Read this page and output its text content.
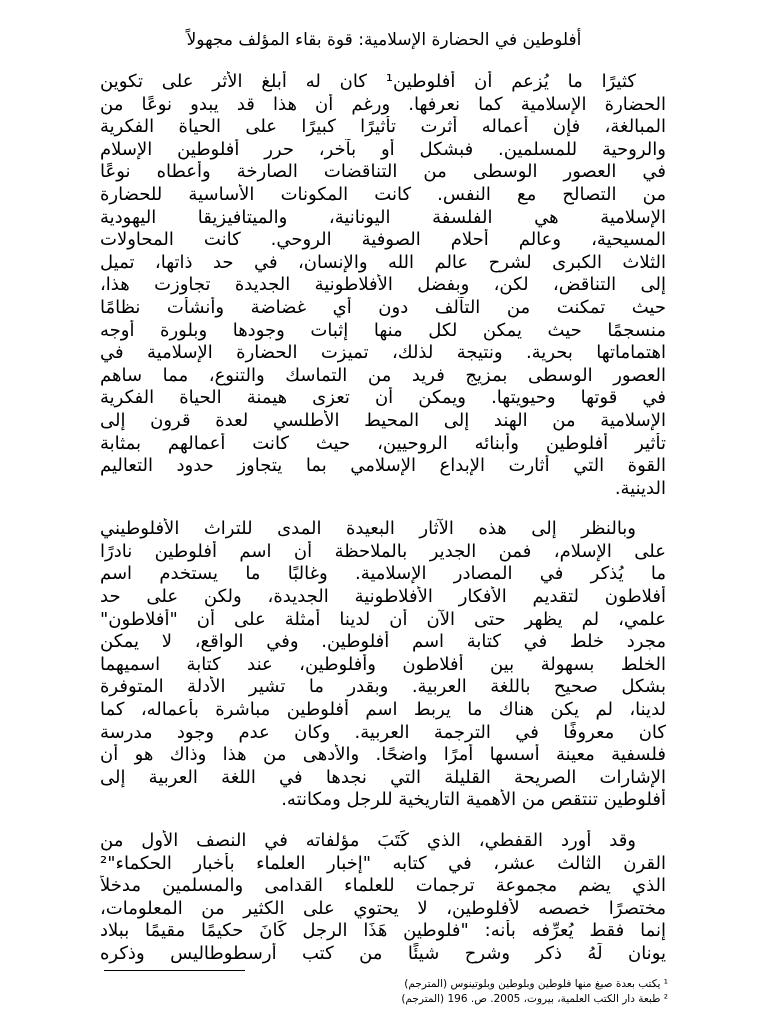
أفلوطين في الحضارة الإسلامية: قوة بقاء المؤلف مجهولاً
كثيرًا ما يُزعم أن أفلوطين¹ كان له أبلغ الأثر على تكوين
الحضارة الإسلامية كما نعرفها. ورغم أن هذا قد يبدو نوعًا من
المبالغة، فإن أعماله أثرت تأثيرًا كبيرًا على الحياة الفكرية
والروحية للمسلمين. فبشكل أو بآخر، حرر أفلوطين الإسلام
في العصور الوسطى من التناقضات الصارخة وأعطاه نوعًا
من التصالح مع النفس. كانت المكونات الأساسية للحضارة
الإسلامية هي الفلسفة اليونانية، والميتافيزيقا اليهودية
المسيحية، وعالم أحلام الصوفية الروحي. كانت المحاولات
الثلاث الكبرى لشرح عالم الله والإنسان، في حد ذاتها، تميل
إلى التناقض، لكن، وبفضل الأفلاطونية الجديدة تجاوزت هذا،
حيث تمكنت من التآلف دون أي غضاضة وأنشأت نظامًا
منسجمًا حيث يمكن لكل منها إثبات وجودها وبلورة أوجه
اهتماماتها بحرية. ونتيجة لذلك، تميزت الحضارة الإسلامية في
العصور الوسطى بمزيج فريد من التماسك والتنوع، مما ساهم
في قوتها وحيويتها. ويمكن أن تعزى هيمنة الحياة الفكرية
الإسلامية من الهند إلى المحيط الأطلسي لعدة قرون إلى
تأثير أفلوطين وأبنائه الروحيين، حيث كانت أعمالهم بمثابة
القوة التي أثارت الإبداع الإسلامي بما يتجاوز حدود التعاليم
الدينية.
وبالنظر إلى هذه الآثار البعيدة المدى للتراث الأفلوطيني
على الإسلام، فمن الجدير بالملاحظة أن اسم أفلوطين نادرًا
ما يُذكر في المصادر الإسلامية. وغالبًا ما يستخدم اسم
أفلاطون لتقديم الأفكار الأفلاطونية الجديدة، ولكن على حد
علمي، لم يظهر حتى الآن أن لدينا أمثلة على أن "أفلاطون"
مجرد خلط في كتابة اسم أفلوطين. وفي الواقع، لا يمكن
الخلط بسهولة بين أفلاطون وأفلوطين، عند كتابة اسميهما
بشكل صحيح باللغة العربية. وبقدر ما تشير الأدلة المتوفرة
لدينا، لم يكن هناك ما يربط اسم أفلوطين مباشرة بأعماله، كما
كان معروفًا في الترجمة العربية. وكان عدم وجود مدرسة
فلسفية معينة أسسها أمرًا واضحًا. والأدهى من هذا وذاك هو أن
الإشارات الصريحة القليلة التي نجدها في اللغة العربية إلى
أفلوطين تنتقص من الأهمية التاريخية للرجل ومكانته.
وقد أورد القفطي، الذي كَتَبَ مؤلفاته في النصف الأول من
القرن الثالث عشر، في كتابه "إخبار العلماء بأخبار الحكماء"²
الذي يضم مجموعة ترجمات للعلماء القدامى والمسلمين مدخلاً
مختصرًا خصصه لأفلوطين، لا يحتوي على الكثير من المعلومات،
إنما فقط يُعرِّفه بأنه: "فلوطين هَذَا الرجل كَانَ حكيمًا مقيمًا ببلاد
يونان لَهُ ذكر وشرح شيئًا من كتب أرسطوطاليس وذكره
¹ يكتب بعدة صيغ منها فلوطين وبلوطين وبلوتينوس (المترجم)
² طبعة دار الكتب العلمية، بيروت، 2005. ص. 196 (المترجم)
